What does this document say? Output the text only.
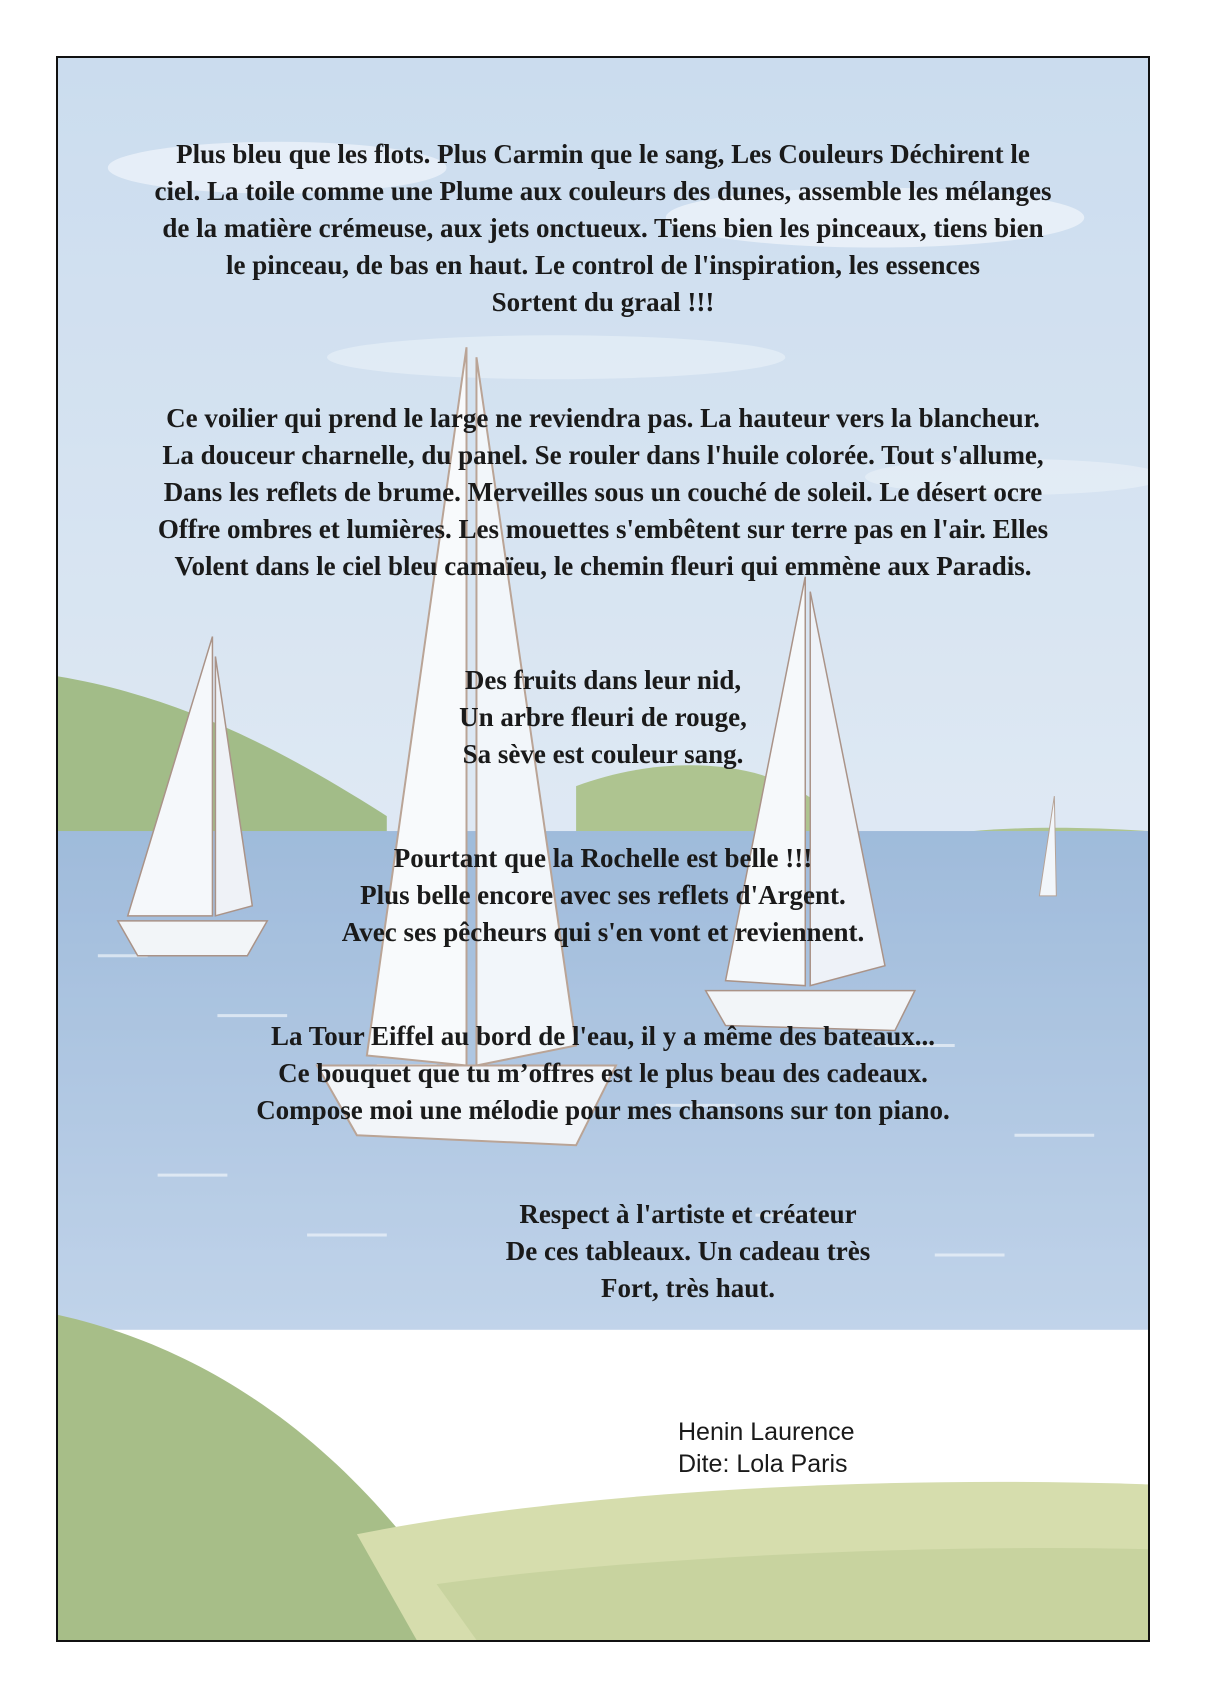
Plus bleu que les flots. Plus Carmin que le sang, Les Couleurs Déchirent le

ciel. La toile comme une Plume aux couleurs des dunes, assemble les mélanges

de la matière crémeuse, aux jets onctueux. Tiens bien les pinceaux, tiens bien

le pinceau, de bas en haut. Le control de l'inspiration, les essences

Sortent du graal !!!

Ce voilier qui prend le large ne reviendra pas. La hauteur vers la blancheur.

La douceur charnelle, du panel. Se rouler dans l'huile colorée. Tout s'allume,

Dans les reflets de brume. Merveilles sous un couché de soleil. Le désert ocre

Offre ombres et lumières. Les mouettes s'embêtent sur terre pas en l'air. Elles

Volent dans le ciel bleu camaïeu, le chemin fleuri qui emmène aux Paradis.

Des fruits dans leur nid,

Un arbre fleuri de rouge,

Sa sève est couleur sang.

Pourtant que la Rochelle est belle !!!

Plus belle encore avec ses reflets d'Argent.

Avec ses pêcheurs qui s'en vont et reviennent.

La Tour Eiffel au bord de l'eau, il y a même des bateaux...

Ce bouquet que tu m’offres est le plus beau des cadeaux.

Compose moi une mélodie pour mes chansons sur ton piano.

Respect à l'artiste et créateur

De ces tableaux. Un cadeau très

Fort, très haut.

Henin Laurence

Dite: Lola Paris
